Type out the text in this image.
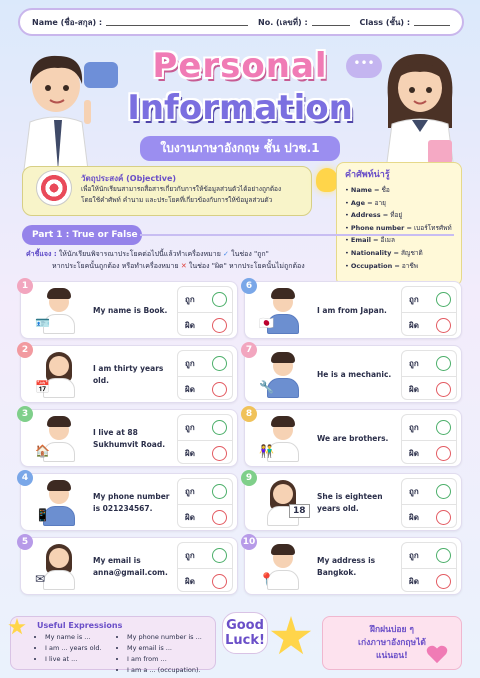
Name (ชื่อ-สกุล) :	No. (เลขที่) :	Class (ชั้น) :
•••
Personal
Information
ใบงานภาษาอังกฤษ ชั้น ปวช.1
วัตถุประสงค์ (Objective)
เพื่อให้นักเรียนสามารถสื่อสารเกี่ยวกับการให้ข้อมูลส่วนตัวได้อย่างถูกต้อง
โดยใช้คำศัพท์ คำนาม และประโยคที่เกี่ยวข้องกับการให้ข้อมูลส่วนตัว
คำศัพท์น่ารู้
• Name = ชื่อ
• Age = อายุ
• Address = ที่อยู่
• Phone number = เบอร์โทรศัพท์
• Email = อีเมล
• Nationality = สัญชาติ
• Occupation = อาชีพ
Part 1 : True or False
คำชี้แจง : ให้นักเรียนพิจารณาประโยคต่อไปนี้แล้วทำเครื่องหมาย ✓ ในช่อง "ถูก"
หากประโยคนั้นถูกต้อง หรือทำเครื่องหมาย ✕ ในช่อง "ผิด" หากประโยคนั้นไม่ถูกต้อง
1
🪪
My name is Book.
ถูก
ผิด
2
📅
I am thirty years old.
ถูก
ผิด
3
🏠
I live at 88 Sukhumvit Road.
ถูก
ผิด
4
📱
My phone number is 021234567.
ถูก
ผิด
5
✉
My email is anna@gmail.com.
ถูก
ผิด
6
🇯🇵
I am from Japan.
ถูก
ผิด
7
🔧
He is a mechanic.
ถูก
ผิด
8
👫
We are brothers.
ถูก
ผิด
9
18
She is eighteen years old.
ถูก
ผิด
10
📍
My address is Bangkok.
ถูก
ผิด
Useful Expressions
• My name is ...
• I am ... years old.
• I live at ...
• My phone number is ...
• My email is ...
• I am from ...
• I am a ... (occupation).
Good
Luck!
ฝึกฝนบ่อย ๆ
เก่งภาษาอังกฤษได้
แน่นอน!
